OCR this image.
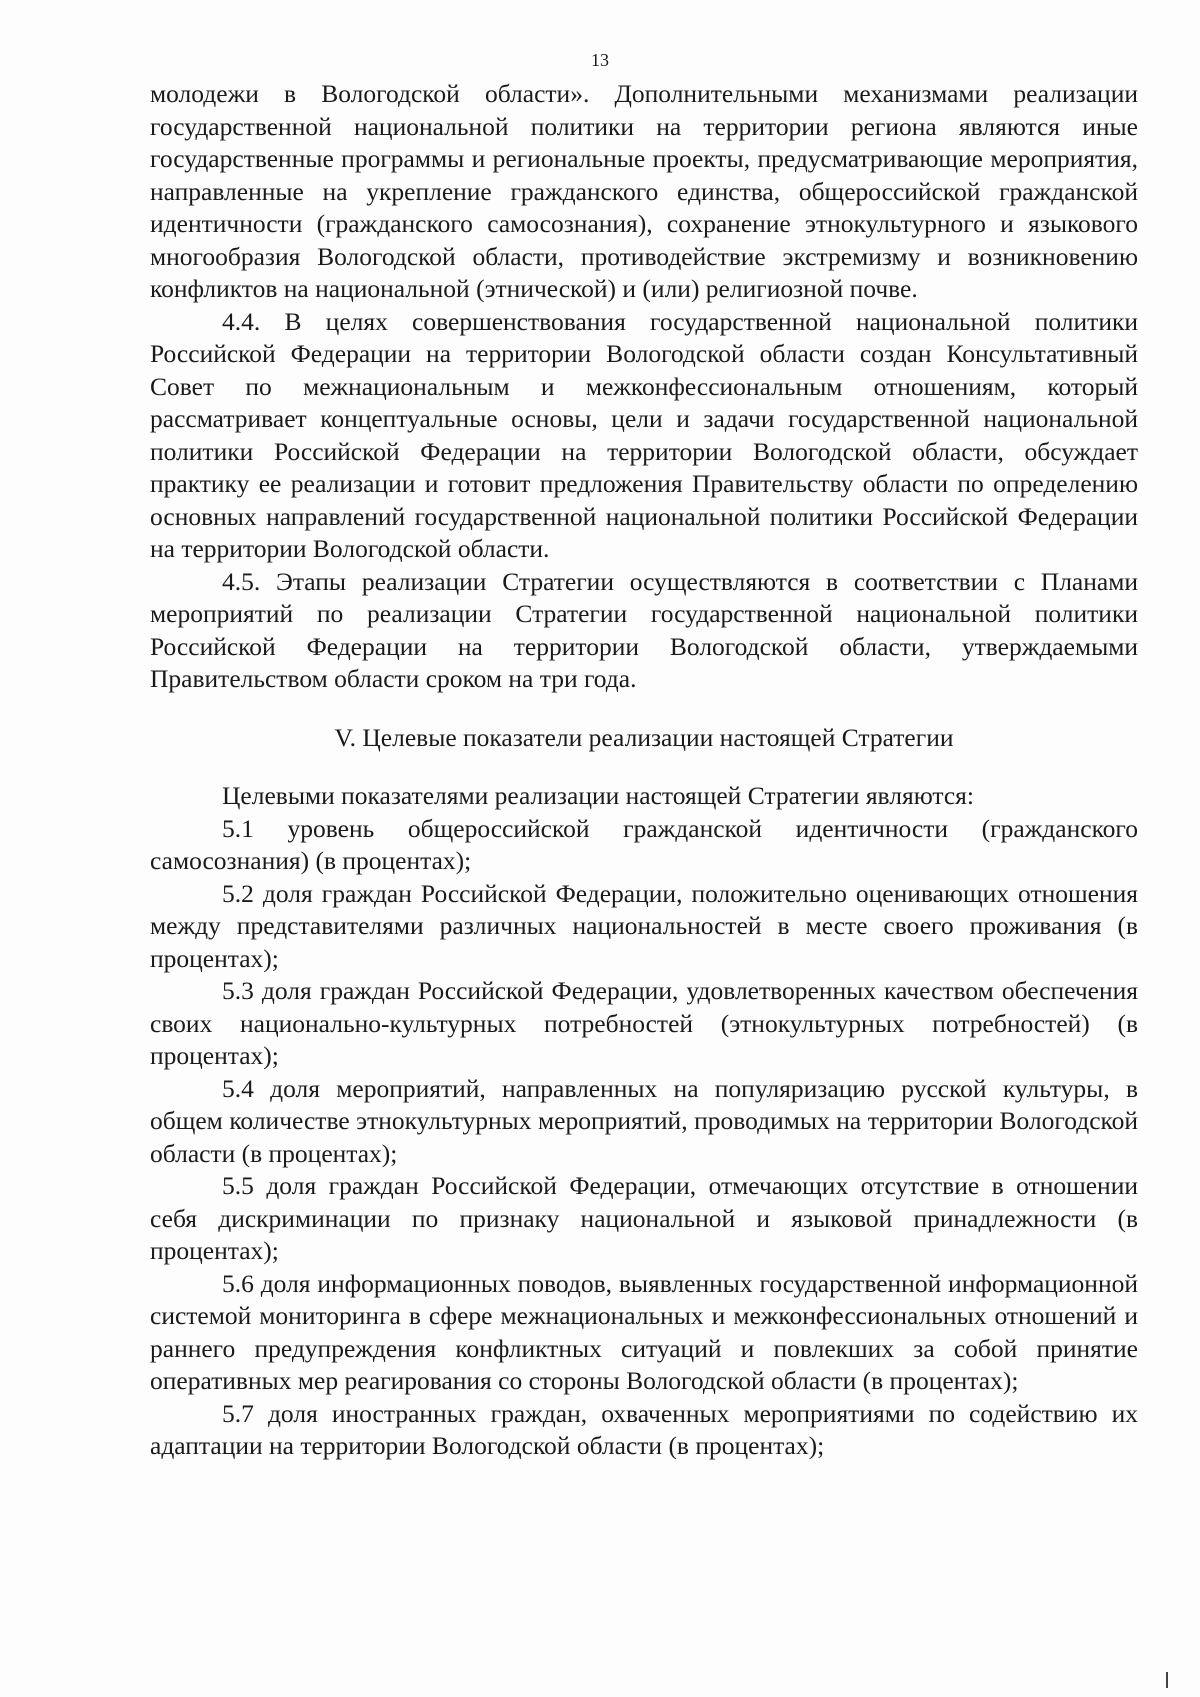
13

молодежи в Вологодской области». Дополнительными механизмами реализации государственной национальной политики на территории региона являются иные государственные программы и региональные проекты, предусматривающие мероприятия, направленные на укрепление гражданского единства, общероссийской гражданской идентичности (гражданского самосознания), сохранение этнокультурного и языкового многообразия Вологодской области, противодействие экстремизму и возникновению конфликтов на национальной (этнической) и (или) религиозной почве.

4.4. В целях совершенствования государственной национальной политики Российской Федерации на территории Вологодской области создан Консультативный Совет по межнациональным и межконфессиональным отношениям, который рассматривает концептуальные основы, цели и задачи государственной национальной политики Российской Федерации на территории Вологодской области, обсуждает практику ее реализации и готовит предложения Правительству области по определению основных направлений государственной национальной политики Российской Федерации на территории Вологодской области.

4.5. Этапы реализации Стратегии осуществляются в соответствии с Планами мероприятий по реализации Стратегии государственной национальной политики Российской Федерации на территории Вологодской области, утверждаемыми Правительством области сроком на три года.

V. Целевые показатели реализации настоящей Стратегии

Целевыми показателями реализации настоящей Стратегии являются:

5.1 уровень общероссийской гражданской идентичности (гражданского самосознания) (в процентах);

5.2 доля граждан Российской Федерации, положительно оценивающих отношения между представителями различных национальностей в месте своего проживания (в процентах);

5.3 доля граждан Российской Федерации, удовлетворенных качеством обеспечения своих национально-культурных потребностей (этнокультурных потребностей) (в процентах);

5.4 доля мероприятий, направленных на популяризацию русской культуры, в общем количестве этнокультурных мероприятий, проводимых на территории Вологодской области (в процентах);

5.5 доля граждан Российской Федерации, отмечающих отсутствие в отношении себя дискриминации по признаку национальной и языковой принадлежности (в процентах);

5.6 доля информационных поводов, выявленных государственной информационной системой мониторинга в сфере межнациональных и межконфессиональных отношений и раннего предупреждения конфликтных ситуаций и повлекших за собой принятие оперативных мер реагирования со стороны Вологодской области (в процентах);

5.7 доля иностранных граждан, охваченных мероприятиями по содействию их адаптации на территории Вологодской области (в процентах);
